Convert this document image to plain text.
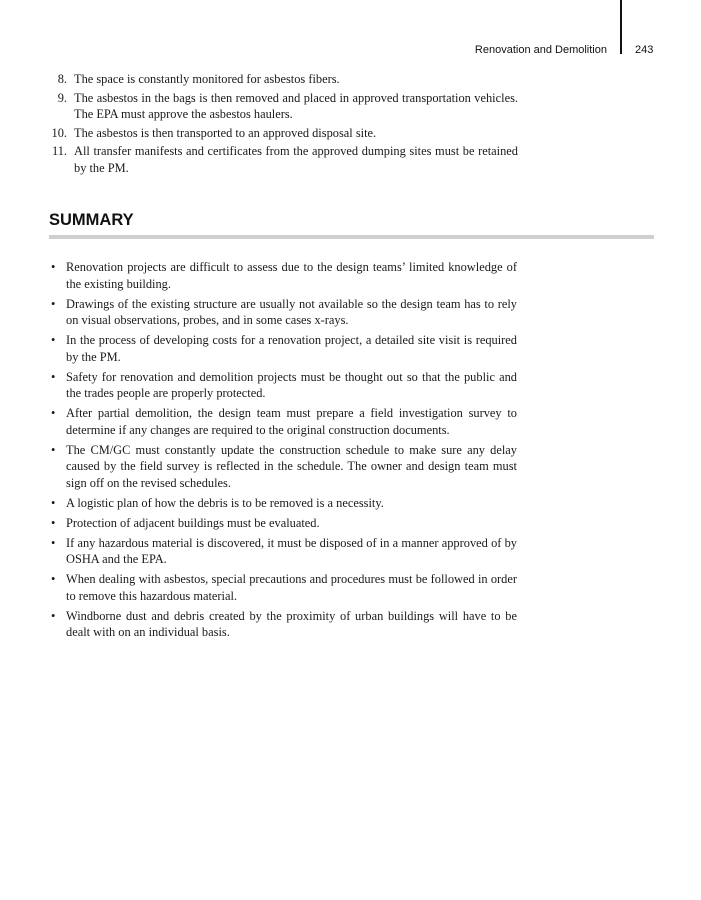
Renovation and Demolition	243
8. The space is constantly monitored for asbestos fibers.
9. The asbestos in the bags is then removed and placed in approved transportation vehicles. The EPA must approve the asbestos haulers.
10. The asbestos is then transported to an approved disposal site.
11. All transfer manifests and certificates from the approved dumping sites must be retained by the PM.
SUMMARY
• Renovation projects are difficult to assess due to the design teams’ limited knowledge of the existing building.
• Drawings of the existing structure are usually not available so the design team has to rely on visual observations, probes, and in some cases x-rays.
• In the process of developing costs for a renovation project, a detailed site visit is required by the PM.
• Safety for renovation and demolition projects must be thought out so that the public and the trades people are properly protected.
• After partial demolition, the design team must prepare a field investigation survey to determine if any changes are required to the original construction documents.
• The CM/GC must constantly update the construction schedule to make sure any delay caused by the field survey is reflected in the schedule. The owner and design team must sign off on the revised schedules.
• A logistic plan of how the debris is to be removed is a necessity.
• Protection of adjacent buildings must be evaluated.
• If any hazardous material is discovered, it must be disposed of in a manner approved of by OSHA and the EPA.
• When dealing with asbestos, special precautions and procedures must be followed in order to remove this hazardous material.
• Windborne dust and debris created by the proximity of urban buildings will have to be dealt with on an individual basis.
